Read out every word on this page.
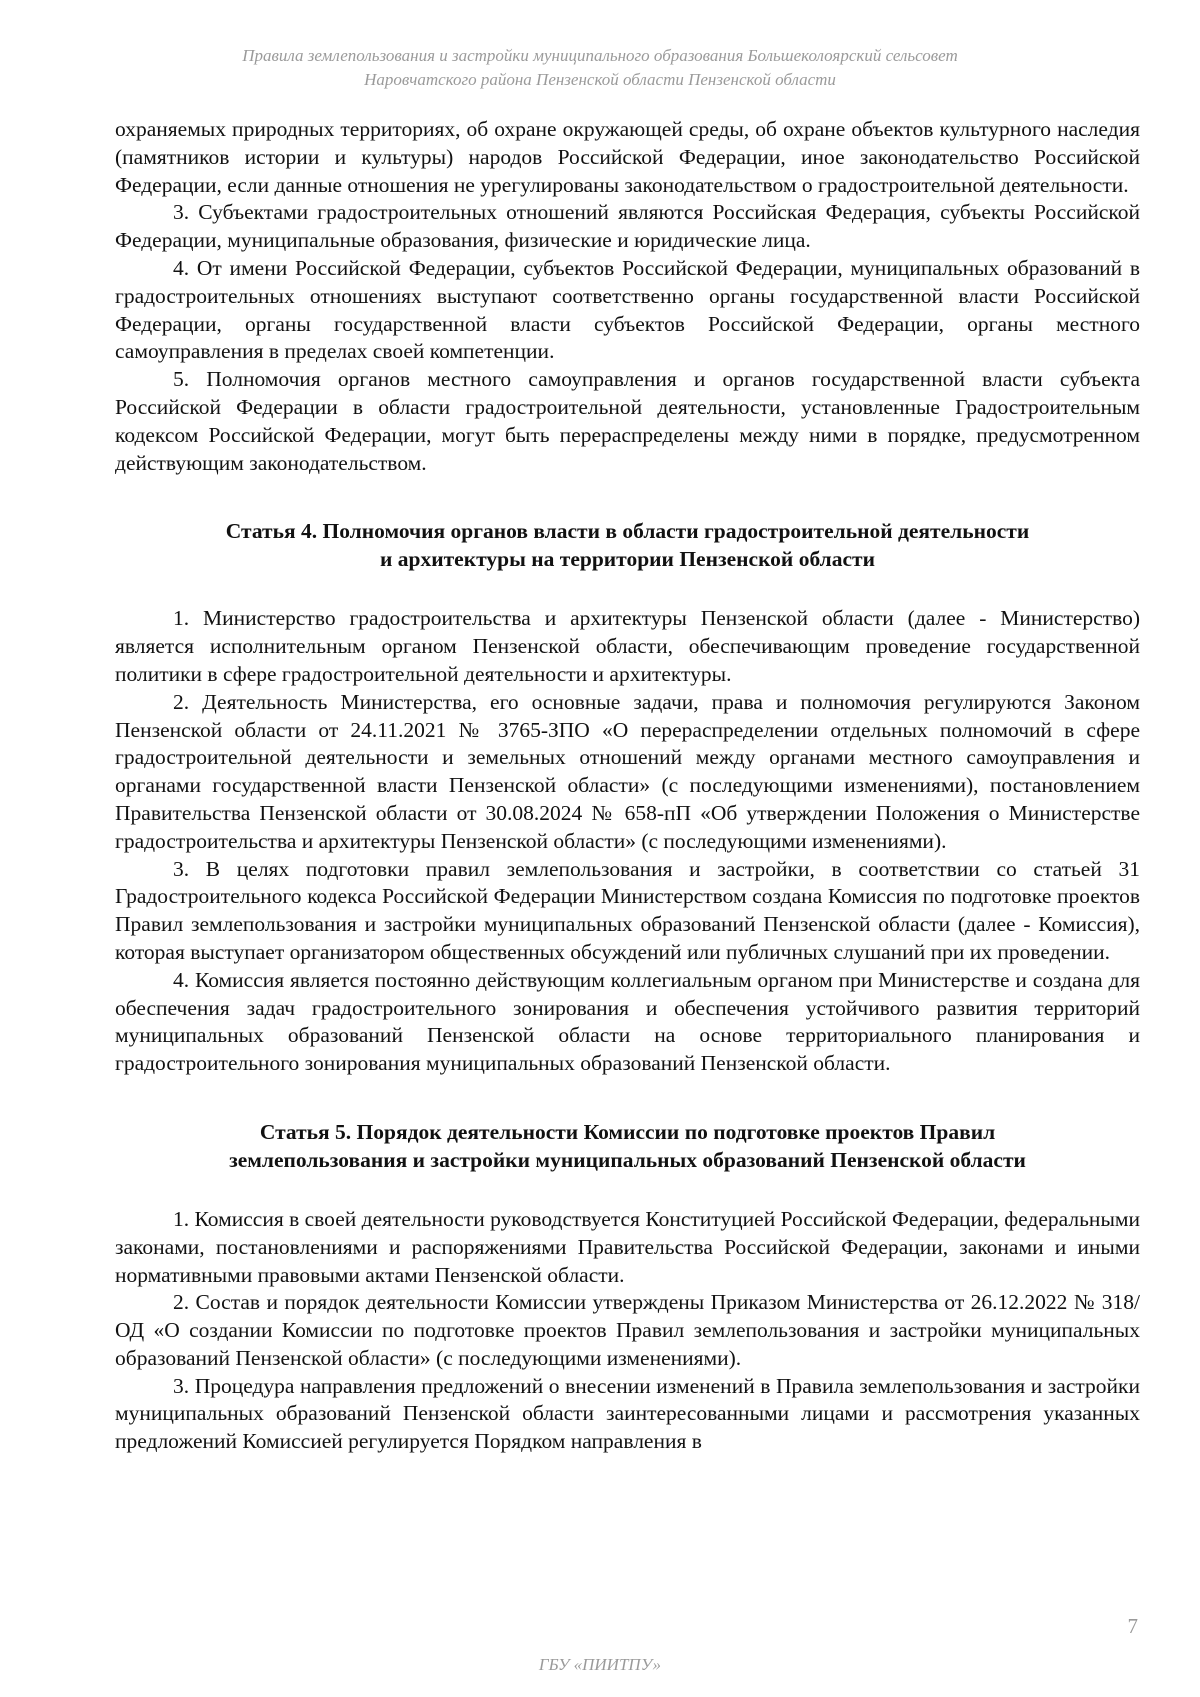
Правила землепользования и застройки муниципального образования Большеколоярский сельсовет
Наровчатского района Пензенской области Пензенской области

охраняемых природных территориях, об охране окружающей среды, об охране объектов культурного наследия (памятников истории и культуры) народов Российской Федерации, иное законодательство Российской Федерации, если данные отношения не урегулированы законодательством о градостроительной деятельности.

3. Субъектами градостроительных отношений являются Российская Федерация, субъекты Российской Федерации, муниципальные образования, физические и юридические лица.

4. От имени Российской Федерации, субъектов Российской Федерации, муниципальных образований в градостроительных отношениях выступают соответственно органы государственной власти Российской Федерации, органы государственной власти субъектов Российской Федерации, органы местного самоуправления в пределах своей компетенции.

5. Полномочия органов местного самоуправления и органов государственной власти субъекта Российской Федерации в области градостроительной деятельности, установленные Градостроительным кодексом Российской Федерации, могут быть перераспределены между ними в порядке, предусмотренном действующим законодательством.

Статья 4. Полномочия органов власти в области градостроительной деятельности

и архитектуры на территории Пензенской области

1. Министерство градостроительства и архитектуры Пензенской области (далее - Министерство) является исполнительным органом Пензенской области, обеспечивающим проведение государственной политики в сфере градостроительной деятельности и архитектуры.

2. Деятельность Министерства, его основные задачи, права и полномочия регулируются Законом Пензенской области от 24.11.2021 № 3765-ЗПО «О перераспределении отдельных полномочий в сфере градостроительной деятельности и земельных отношений между органами местного самоуправления и органами государственной власти Пензенской области» (с последующими изменениями), постановлением Правительства Пензенской области от 30.08.2024 № 658-пП «Об утверждении Положения о Министерстве градостроительства и архитектуры Пензенской области» (с последующими изменениями).

3. В целях подготовки правил землепользования и застройки, в соответствии со статьей 31 Градостроительного кодекса Российской Федерации Министерством создана Комиссия по подготовке проектов Правил землепользования и застройки муниципальных образований Пензенской области (далее - Комиссия), которая выступает организатором общественных обсуждений или публичных слушаний при их проведении.

4. Комиссия является постоянно действующим коллегиальным органом при Министерстве и создана для обеспечения задач градостроительного зонирования и обеспечения устойчивого развития территорий муниципальных образований Пензенской области на основе территориального планирования и градостроительного зонирования муниципальных образований Пензенской области.

Статья 5. Порядок деятельности Комиссии по подготовке проектов Правил

землепользования и застройки муниципальных образований Пензенской области

1. Комиссия в своей деятельности руководствуется Конституцией Российской Федерации, федеральными законами, постановлениями и распоряжениями Правительства Российской Федерации, законами и иными нормативными правовыми актами Пензенской области.

2. Состав и порядок деятельности Комиссии утверждены Приказом Министерства от 26.12.2022 № 318/ОД «О создании Комиссии по подготовке проектов Правил землепользования и застройки муниципальных образований Пензенской области» (с последующими изменениями).

3. Процедура направления предложений о внесении изменений в Правила землепользования и застройки муниципальных образований Пензенской области заинтересованными лицами и рассмотрения указанных предложений Комиссией регулируется Порядком направления в

7
ГБУ «ПИИТПУ»
